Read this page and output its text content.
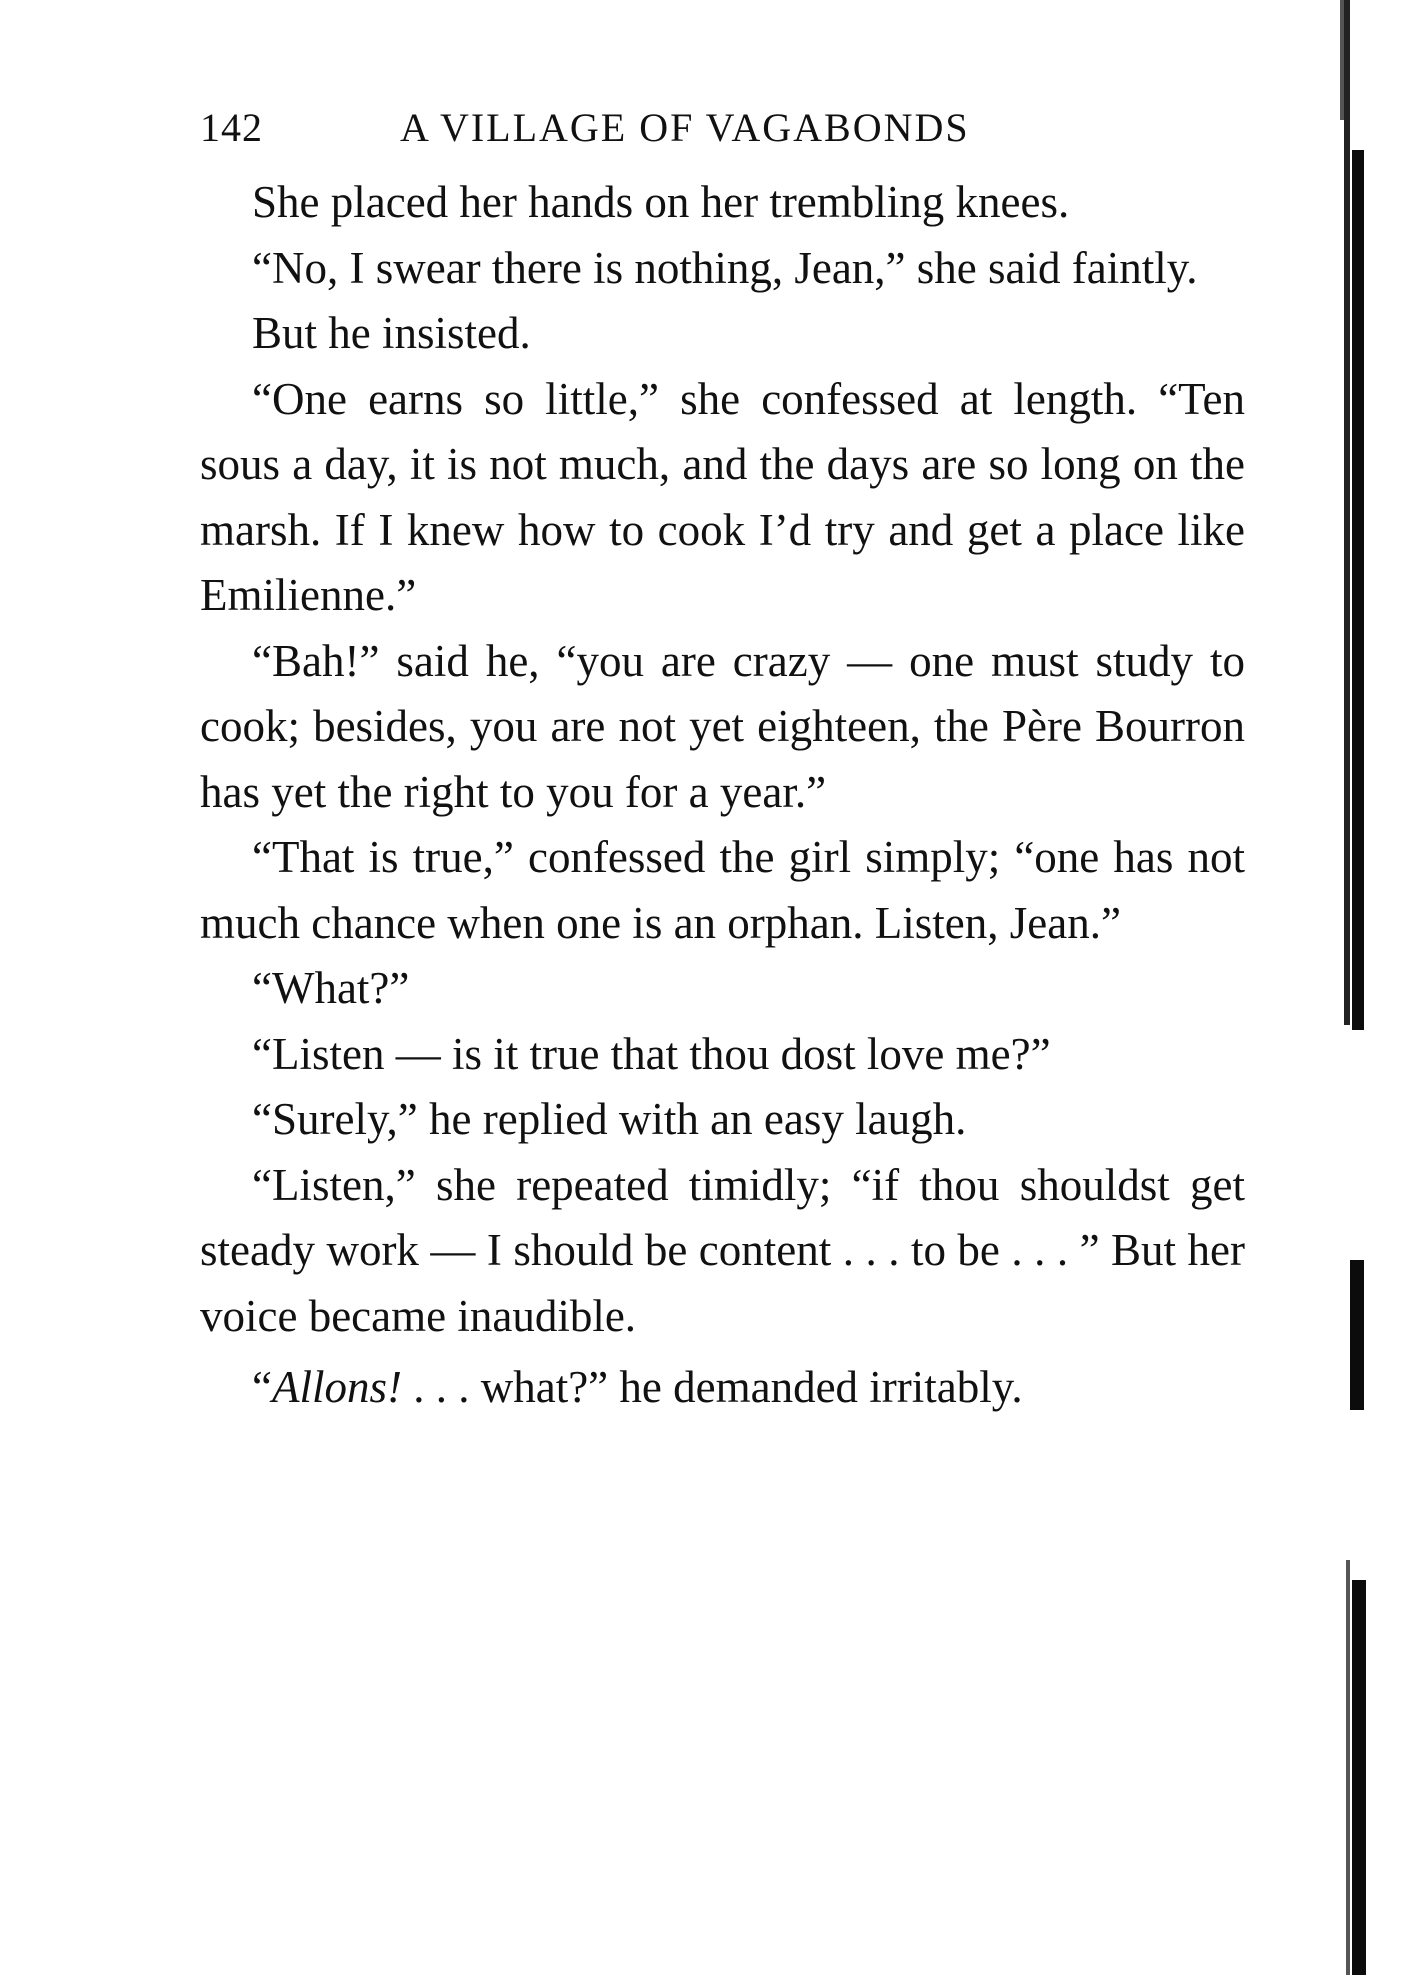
142	A VILLAGE OF VAGABONDS

She placed her hands on her trembling knees.

“No, I swear there is nothing, Jean,” she said faintly.

But he insisted.

“One earns so little,” she confessed at length. “Ten sous a day, it is not much, and the days are so long on the marsh. If I knew how to cook I’d try and get a place like Emilienne.”

“Bah!” said he, “you are crazy — one must study to cook; besides, you are not yet eighteen, the Père Bourron has yet the right to you for a year.”

“That is true,” confessed the girl simply; “one has not much chance when one is an orphan. Listen, Jean.”

“What?”

“Listen — is it true that thou dost love me?”

“Surely,” he replied with an easy laugh.

“Listen,” she repeated timidly; “if thou shouldst get steady work — I should be content . . . to be . . . ” But her voice became inaudible.

“Allons! . . . what?” he demanded irritably.
